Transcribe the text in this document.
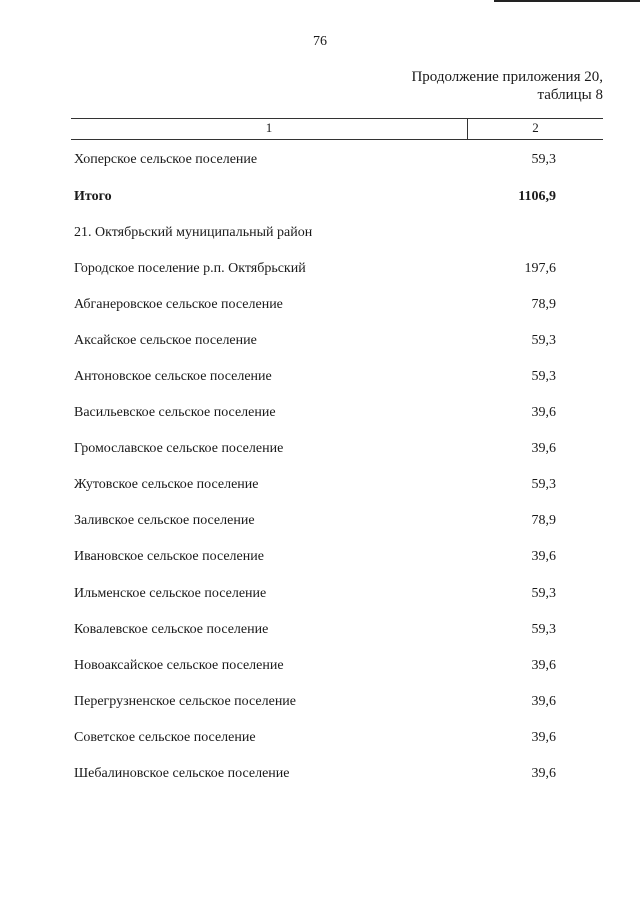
76
Продолжение приложения 20,
таблицы 8
1	2
Хоперское сельское поселение	59,3
Итого	1106,9
21. Октябрьский муниципальный район
Городское поселение р.п. Октябрьский	197,6
Абганеровское сельское поселение	78,9
Аксайское сельское поселение	59,3
Антоновское сельское поселение	59,3
Васильевское сельское поселение	39,6
Громославское сельское поселение	39,6
Жутовское сельское поселение	59,3
Заливское сельское поселение	78,9
Ивановское сельское поселение	39,6
Ильменское сельское поселение	59,3
Ковалевское сельское поселение	59,3
Новоаксайское сельское поселение	39,6
Перегрузненское сельское поселение	39,6
Советское сельское поселение	39,6
Шебалиновское сельское поселение	39,6
